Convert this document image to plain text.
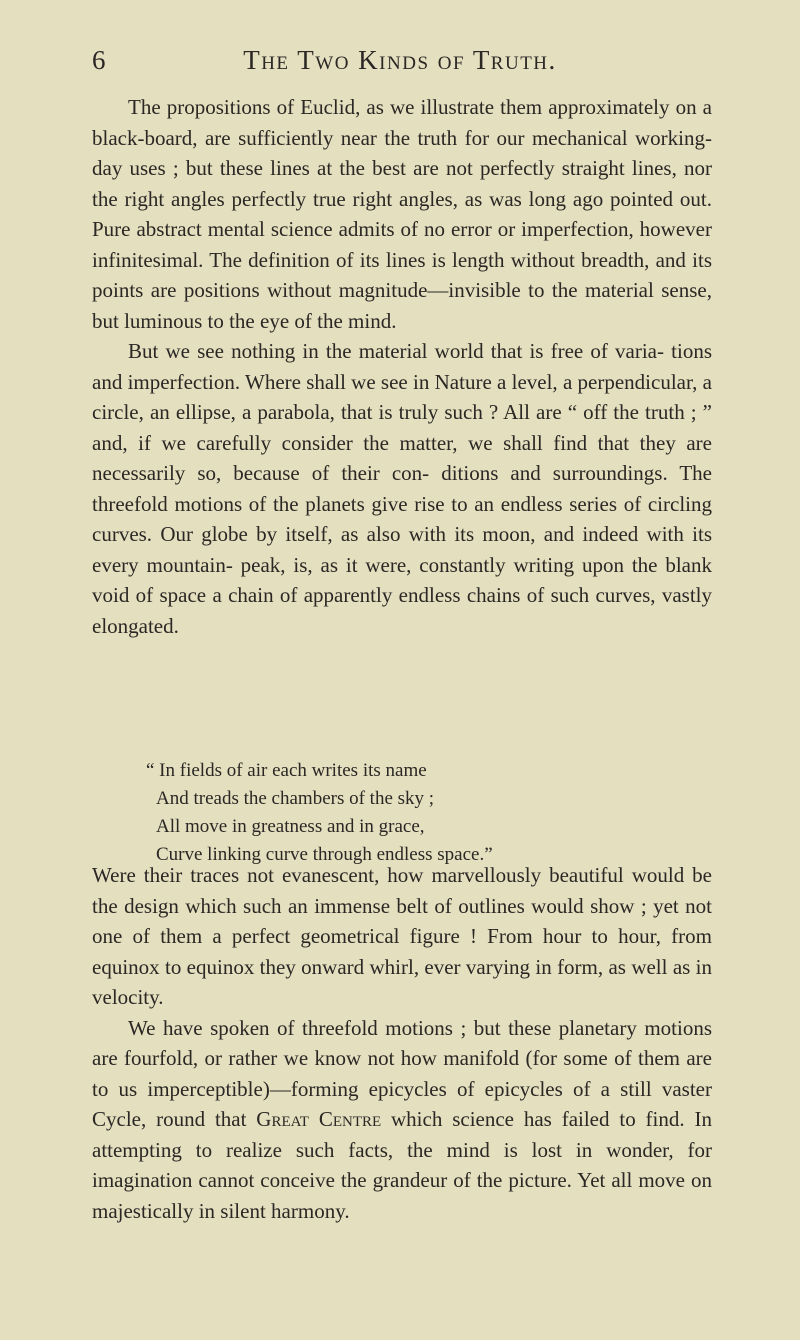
6	The Two Kinds of Truth.

The propositions of Euclid, as we illustrate them approximately on a black-board, are sufficiently near the truth for our mechanical working-day uses ; but these lines at the best are not perfectly straight lines, nor the right angles perfectly true right angles, as was long ago pointed out. Pure abstract mental science admits of no error or imperfection, however infinitesimal. The definition of its lines is length without breadth, and its points are positions without magnitude—invisible to the material sense, but luminous to the eye of the mind.

But we see nothing in the material world that is free of varia- tions and imperfection. Where shall we see in Nature a level, a perpendicular, a circle, an ellipse, a parabola, that is truly such ? All are “ off the truth ; ” and, if we carefully consider the matter, we shall find that they are necessarily so, because of their con- ditions and surroundings. The threefold motions of the planets give rise to an endless series of circling curves. Our globe by itself, as also with its moon, and indeed with its every mountain- peak, is, as it were, constantly writing upon the blank void of space a chain of apparently endless chains of such curves, vastly elongated.

“ In fields of air each writes its name
And treads the chambers of the sky ;
All move in greatness and in grace,
Curve linking curve through endless space.”

Were their traces not evanescent, how marvellously beautiful would be the design which such an immense belt of outlines would show ; yet not one of them a perfect geometrical figure ! From hour to hour, from equinox to equinox they onward whirl, ever varying in form, as well as in velocity.

We have spoken of threefold motions ; but these planetary motions are fourfold, or rather we know not how manifold (for some of them are to us imperceptible)—forming epicycles of epicycles of a still vaster Cycle, round that Great Centre which science has failed to find. In attempting to realize such facts, the mind is lost in wonder, for imagination cannot conceive the grandeur of the picture. Yet all move on majestically in silent harmony.
